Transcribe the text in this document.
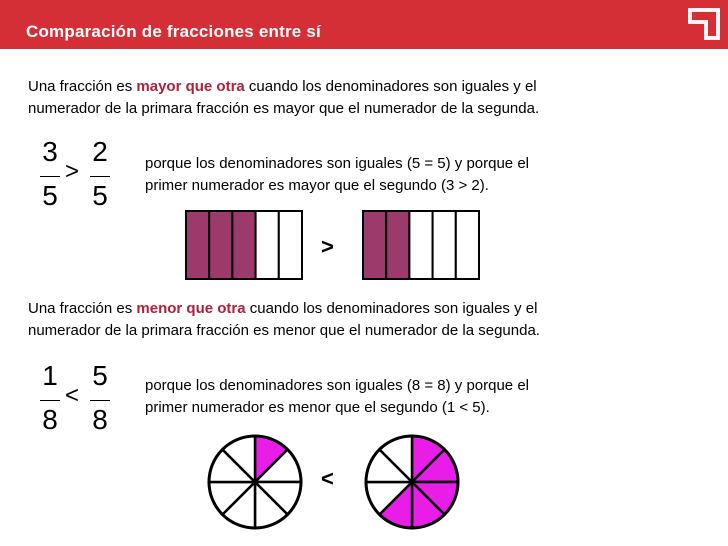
Comparación de fracciones entre sí
Una fracción es mayor que otra cuando los denominadores son iguales y el
numerador de la primara fracción es mayor que el numerador de la segunda.
3
5
>
2
5
porque los denominadores son iguales (5 = 5) y porque el
primer numerador es mayor que el segundo (3 > 2).
>
Una fracción es menor que otra cuando los denominadores son iguales y el
numerador de la primara fracción es menor que el numerador de la segunda.
1
8
<
5
8
porque los denominadores son iguales (8 = 8) y porque el
primer numerador es menor que el segundo (1 < 5).
<
